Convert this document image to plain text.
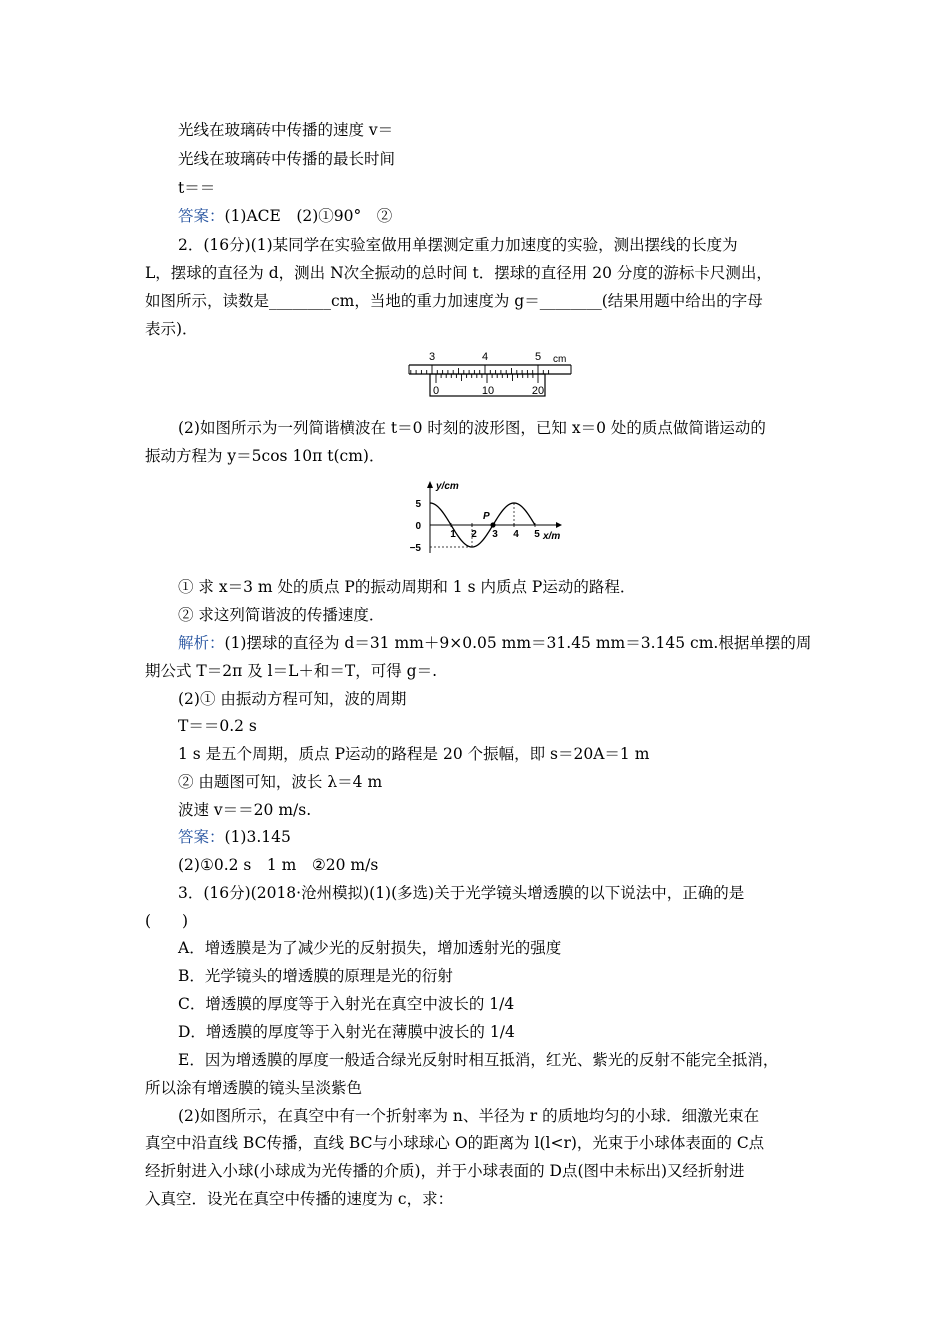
光线在玻璃砖中传播的速度 v＝
光线在玻璃砖中传播的最长时间
t＝＝
答案：(1)ACE　(2)①90°　②
2．(16分)(1)某同学在实验室做用单摆测定重力加速度的实验，测出摆线的长度为
L，摆球的直径为 d，测出 N次全振动的总时间 t．摆球的直径用 20 分度的游标卡尺测出，
如图所示，读数是________cm，当地的重力加速度为 g＝________(结果用题中给出的字母
表示)．
3	4	5 cm
0	10	20
(2)如图所示为一列简谐横波在 t＝0 时刻的波形图，已知 x＝0 处的质点做简谐运动的
振动方程为 y＝5cos 10π t(cm)．
y/cm
x/m
5
0
−5
1 2 3 4 5
P
① 求 x＝3 m 处的质点 P的振动周期和 1 s 内质点 P运动的路程．
② 求这列简谐波的传播速度．
解析：(1)摆球的直径为 d＝31 mm＋9×0.05 mm＝31.45 mm＝3.145 cm.根据单摆的周
期公式 T＝2π 及 l＝L＋和＝T，可得 g＝.
(2)① 由振动方程可知，波的周期
T＝＝0.2 s
1 s 是五个周期，质点 P运动的路程是 20 个振幅，即 s＝20A＝1 m
② 由题图可知，波长 λ＝4 m
波速 v＝＝20 m/s.
答案：(1)3.145
(2)①0.2 s　1 m　②20 m/s
3．(16分)(2018·沧州模拟)(1)(多选)关于光学镜头增透膜的以下说法中，正确的是
(　　)
A．增透膜是为了减少光的反射损失，增加透射光的强度
B．光学镜头的增透膜的原理是光的衍射
C．增透膜的厚度等于入射光在真空中波长的 1/4
D．增透膜的厚度等于入射光在薄膜中波长的 1/4
E．因为增透膜的厚度一般适合绿光反射时相互抵消，红光、紫光的反射不能完全抵消，
所以涂有增透膜的镜头呈淡紫色
(2)如图所示，在真空中有一个折射率为 n、半径为 r 的质地均匀的小球．细激光束在
真空中沿直线 BC传播，直线 BC与小球球心 O的距离为 l(l<r)，光束于小球体表面的 C点
经折射进入小球(小球成为光传播的介质)，并于小球表面的 D点(图中未标出)又经折射进
入真空．设光在真空中传播的速度为 c，求：
